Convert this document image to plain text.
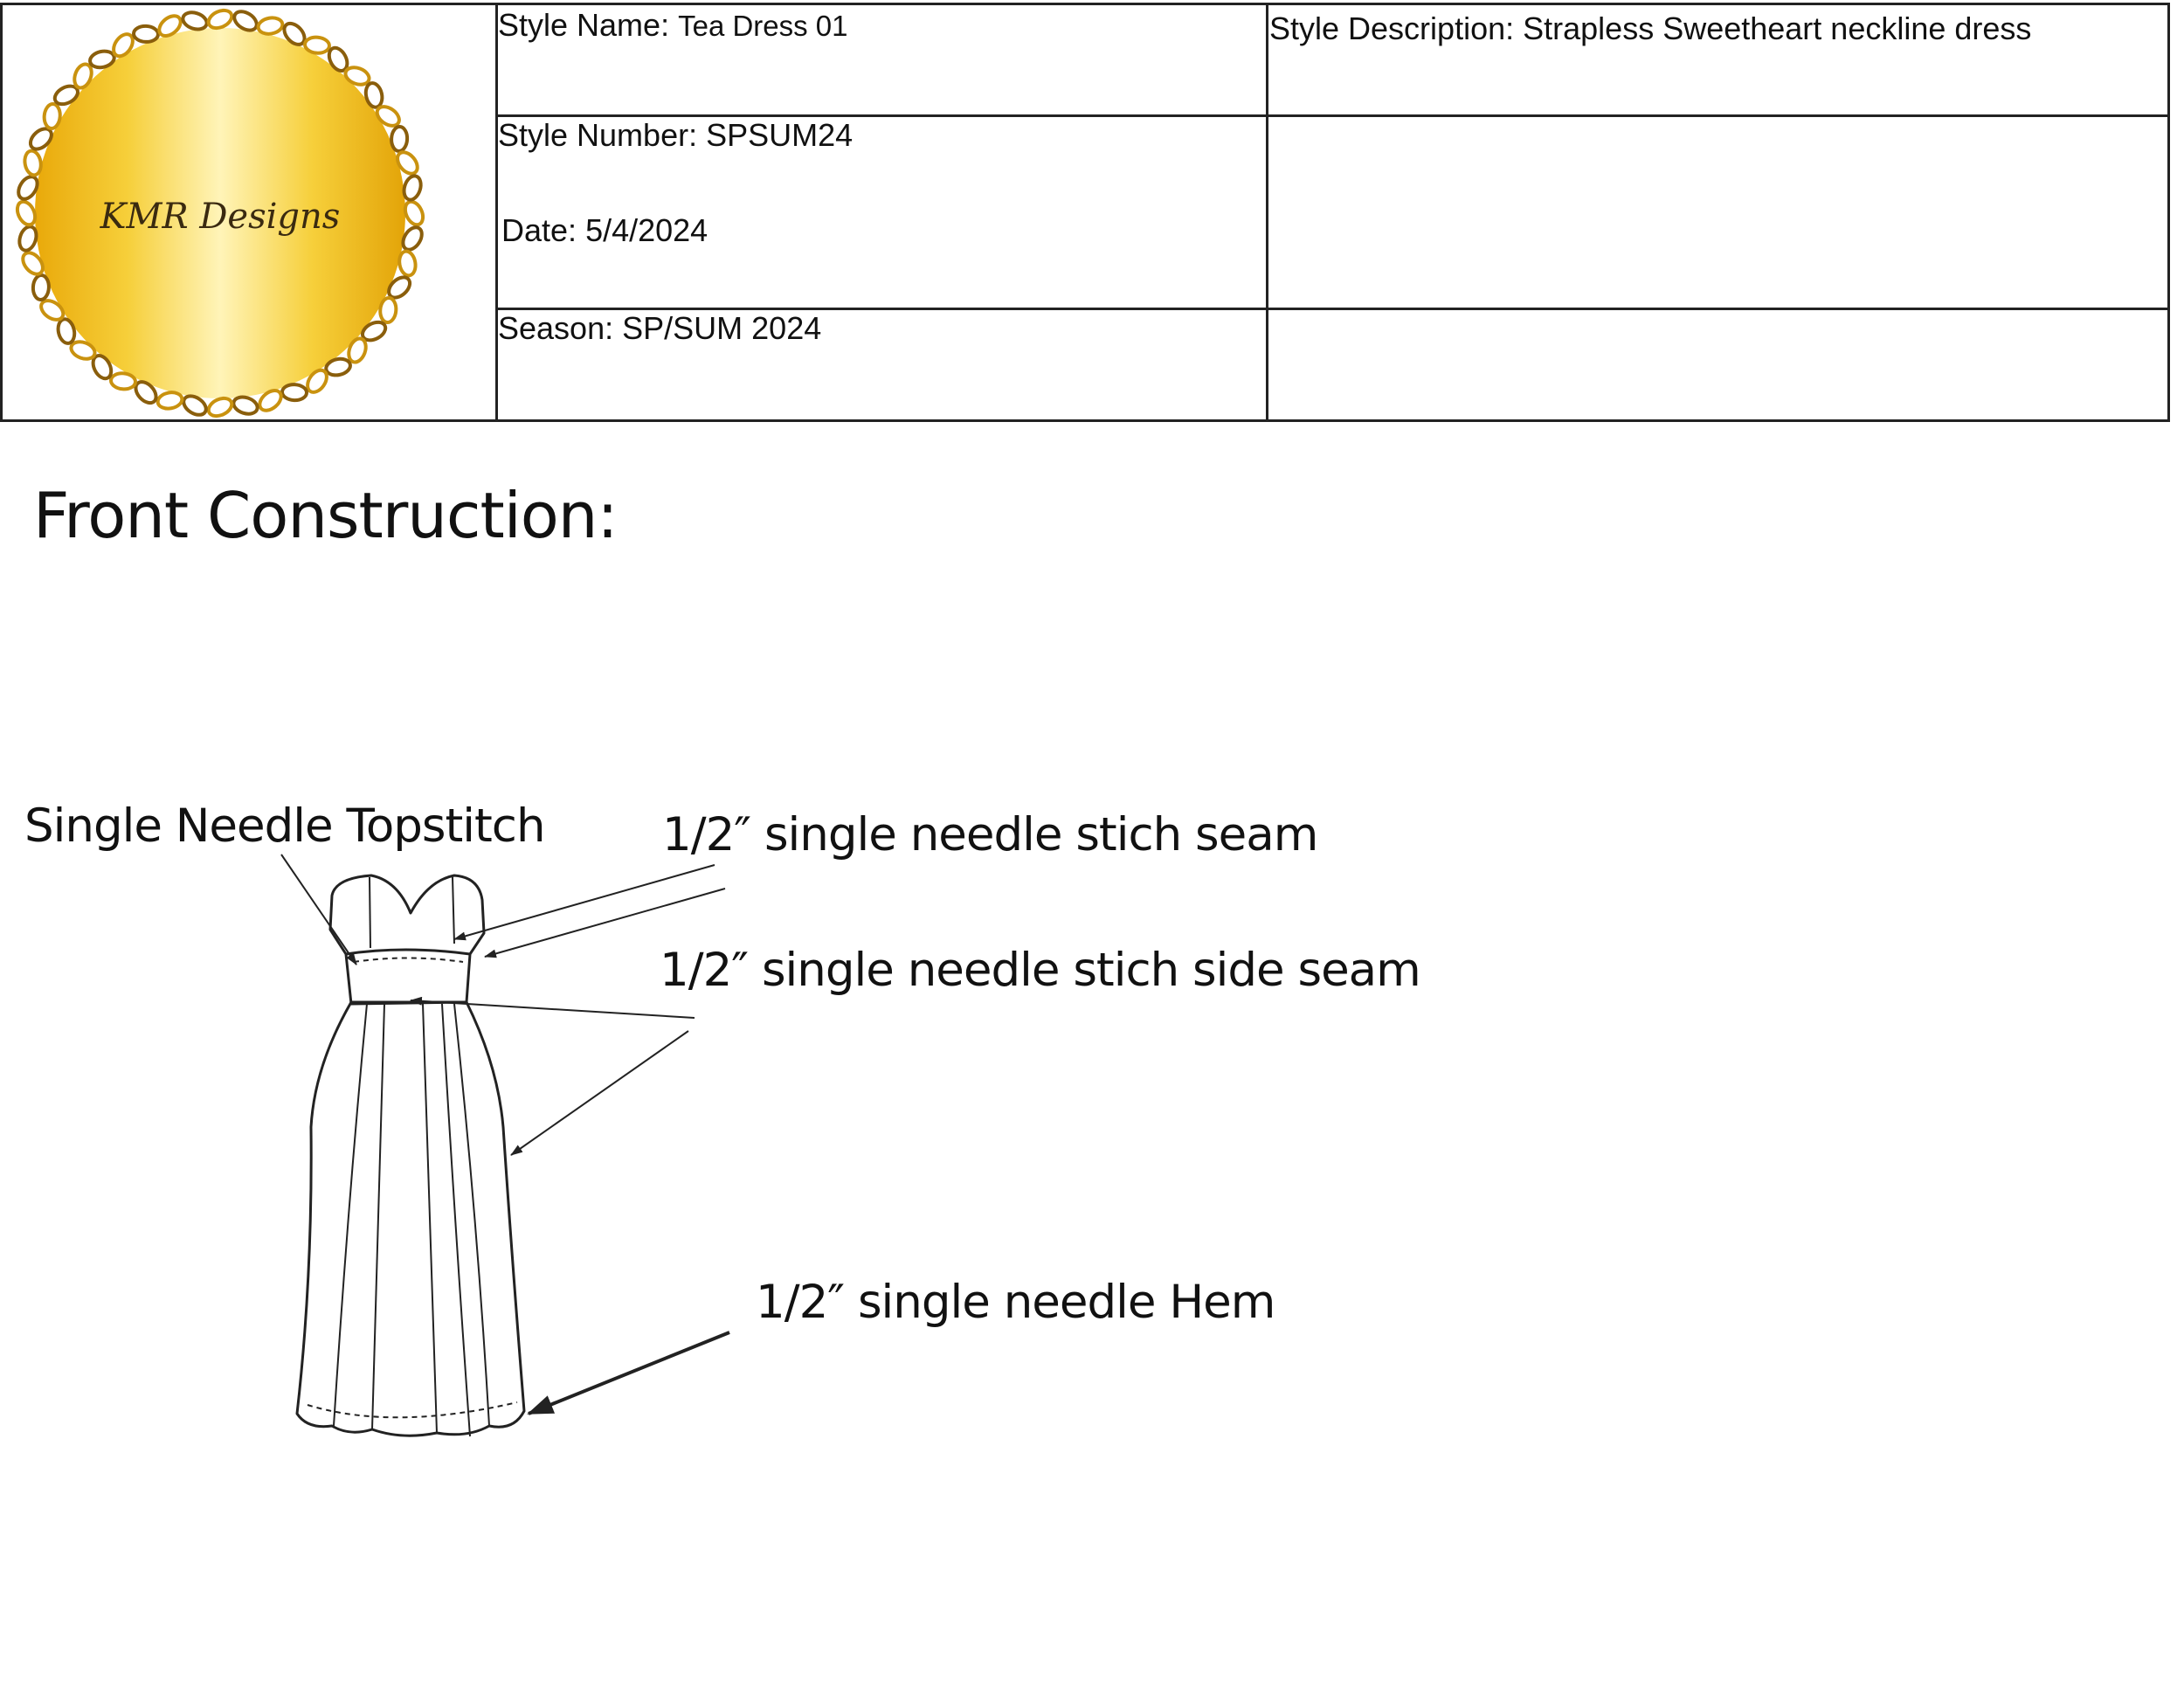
KMR Designs
Style Name: Tea Dress 01
Style Number: SPSUM24
Date: 5/4/2024
Season: SP/SUM 2024
Style Description: Strapless Sweetheart neckline dress
Front Construction:
Single Needle Topstitch	1/2″ single needle stich seam
1/2″ single needle stich side seam
1/2″ single needle Hem
